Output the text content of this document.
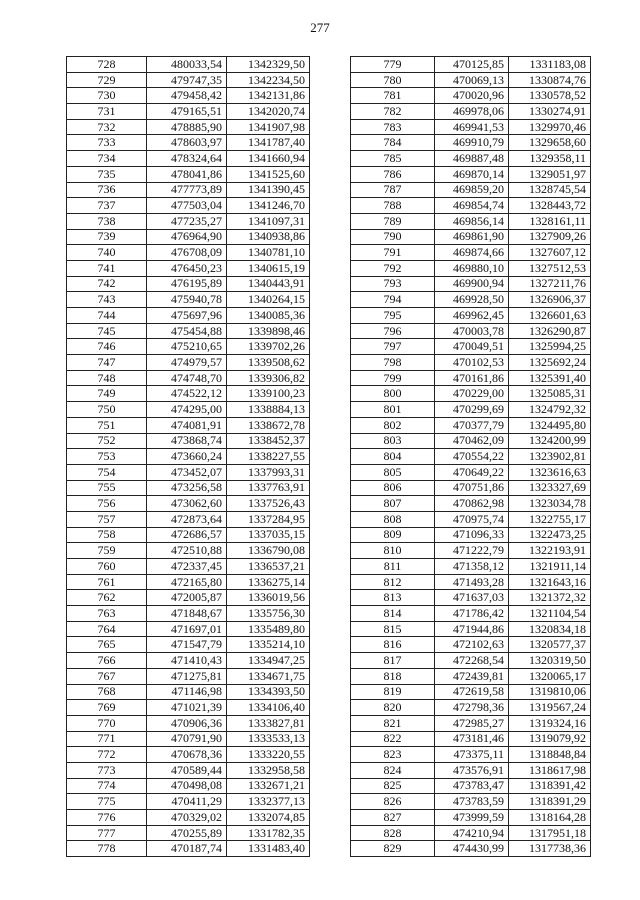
277
728	480033,54	1342329,50
729	479747,35	1342234,50
730	479458,42	1342131,86
731	479165,51	1342020,74
732	478885,90	1341907,98
733	478603,97	1341787,40
734	478324,64	1341660,94
735	478041,86	1341525,60
736	477773,89	1341390,45
737	477503,04	1341246,70
738	477235,27	1341097,31
739	476964,90	1340938,86
740	476708,09	1340781,10
741	476450,23	1340615,19
742	476195,89	1340443,91
743	475940,78	1340264,15
744	475697,96	1340085,36
745	475454,88	1339898,46
746	475210,65	1339702,26
747	474979,57	1339508,62
748	474748,70	1339306,82
749	474522,12	1339100,23
750	474295,00	1338884,13
751	474081,91	1338672,78
752	473868,74	1338452,37
753	473660,24	1338227,55
754	473452,07	1337993,31
755	473256,58	1337763,91
756	473062,60	1337526,43
757	472873,64	1337284,95
758	472686,57	1337035,15
759	472510,88	1336790,08
760	472337,45	1336537,21
761	472165,80	1336275,14
762	472005,87	1336019,56
763	471848,67	1335756,30
764	471697,01	1335489,80
765	471547,79	1335214,10
766	471410,43	1334947,25
767	471275,81	1334671,75
768	471146,98	1334393,50
769	471021,39	1334106,40
770	470906,36	1333827,81
771	470791,90	1333533,13
772	470678,36	1333220,55
773	470589,44	1332958,58
774	470498,08	1332671,21
775	470411,29	1332377,13
776	470329,02	1332074,85
777	470255,89	1331782,35
778	470187,74	1331483,40
779	470125,85	1331183,08
780	470069,13	1330874,76
781	470020,96	1330578,52
782	469978,06	1330274,91
783	469941,53	1329970,46
784	469910,79	1329658,60
785	469887,48	1329358,11
786	469870,14	1329051,97
787	469859,20	1328745,54
788	469854,74	1328443,72
789	469856,14	1328161,11
790	469861,90	1327909,26
791	469874,66	1327607,12
792	469880,10	1327512,53
793	469900,94	1327211,76
794	469928,50	1326906,37
795	469962,45	1326601,63
796	470003,78	1326290,87
797	470049,51	1325994,25
798	470102,53	1325692,24
799	470161,86	1325391,40
800	470229,00	1325085,31
801	470299,69	1324792,32
802	470377,79	1324495,80
803	470462,09	1324200,99
804	470554,22	1323902,81
805	470649,22	1323616,63
806	470751,86	1323327,69
807	470862,98	1323034,78
808	470975,74	1322755,17
809	471096,33	1322473,25
810	471222,79	1322193,91
811	471358,12	1321911,14
812	471493,28	1321643,16
813	471637,03	1321372,32
814	471786,42	1321104,54
815	471944,86	1320834,18
816	472102,63	1320577,37
817	472268,54	1320319,50
818	472439,81	1320065,17
819	472619,58	1319810,06
820	472798,36	1319567,24
821	472985,27	1319324,16
822	473181,46	1319079,92
823	473375,11	1318848,84
824	473576,91	1318617,98
825	473783,47	1318391,42
826	473783,59	1318391,29
827	473999,59	1318164,28
828	474210,94	1317951,18
829	474430,99	1317738,36
